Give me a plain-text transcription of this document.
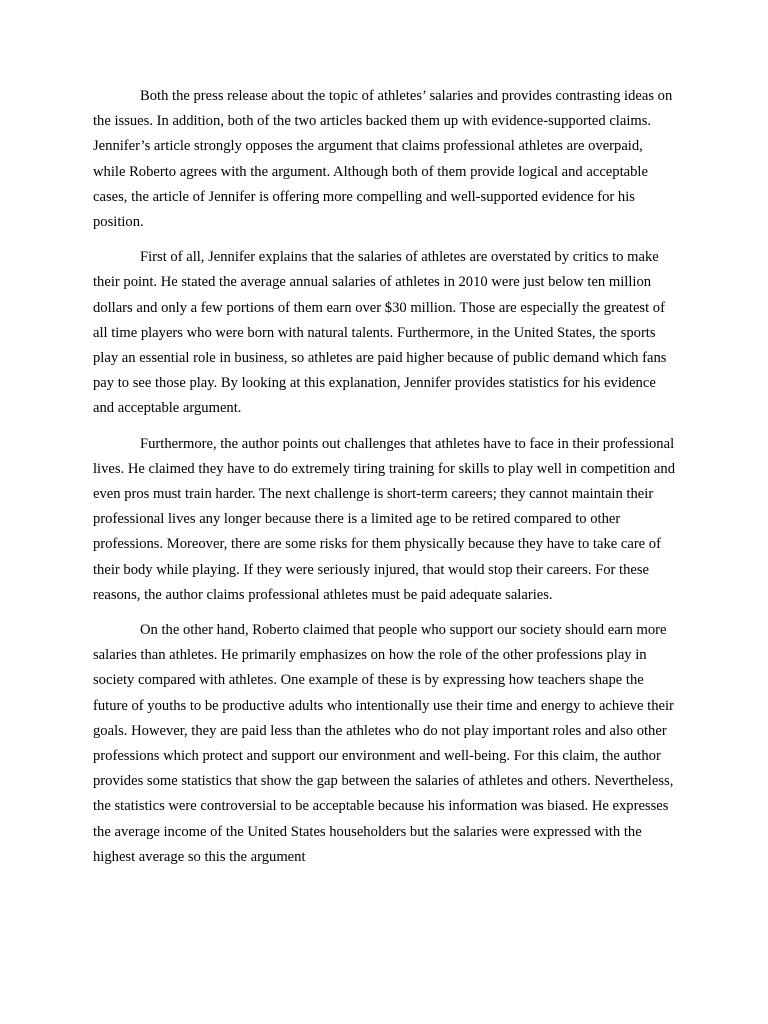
Both the press release about the topic of athletes’ salaries and provides contrasting ideas on the issues. In addition, both of the two articles backed them up with evidence-supported claims. Jennifer’s article strongly opposes the argument that claims professional athletes are overpaid, while Roberto agrees with the argument. Although both of them provide logical and acceptable cases, the article of Jennifer is offering more compelling and well-supported evidence for his position.

First of all, Jennifer explains that the salaries of athletes are overstated by critics to make their point. He stated the average annual salaries of athletes in 2010 were just below ten million dollars and only a few portions of them earn over $30 million. Those are especially the greatest of all time players who were born with natural talents. Furthermore, in the United States, the sports play an essential role in business, so athletes are paid higher because of public demand which fans pay to see those play. By looking at this explanation, Jennifer provides statistics for his evidence and acceptable argument.

Furthermore, the author points out challenges that athletes have to face in their professional lives. He claimed they have to do extremely tiring training for skills to play well in competition and even pros must train harder. The next challenge is short-term careers; they cannot maintain their professional lives any longer because there is a limited age to be retired compared to other professions. Moreover, there are some risks for them physically because they have to take care of their body while playing. If they were seriously injured, that would stop their careers. For these reasons, the author claims professional athletes must be paid adequate salaries.

On the other hand, Roberto claimed that people who support our society should earn more salaries than athletes. He primarily emphasizes on how the role of the other professions play in society compared with athletes. One example of these is by expressing how teachers shape the future of youths to be productive adults who intentionally use their time and energy to achieve their goals. However, they are paid less than the athletes who do not play important roles and also other professions which protect and support our environment and well-being. For this claim, the author provides some statistics that show the gap between the salaries of athletes and others. Nevertheless, the statistics were controversial to be acceptable because his information was biased. He expresses the average income of the United States householders but the salaries were expressed with the highest average so this the argument
